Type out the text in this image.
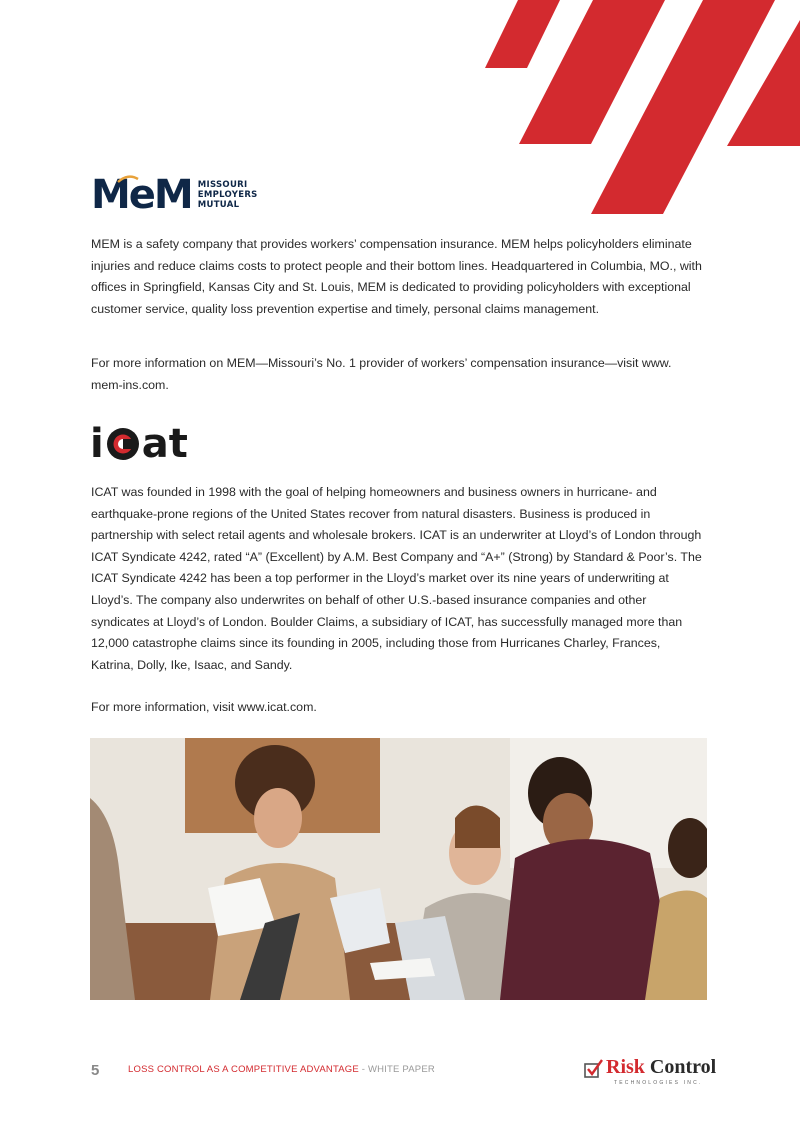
MeM MISSOURI
EMPLOYERS
MUTUAL

MEM is a safety company that provides workers’ compensation insurance. MEM helps policyholders eliminate injuries and reduce claims costs to protect people and their bottom lines. Headquartered in Columbia, MO., with offices in Springfield, Kansas City and St. Louis, MEM is dedicated to providing policyholders with exceptional customer service, quality loss prevention expertise and timely, personal claims management.

For more information on MEM—Missouri’s No. 1 provider of workers’ compensation insurance—visit www. mem-ins.com.

i at

ICAT was founded in 1998 with the goal of helping homeowners and business owners in hurricane- and earthquake-prone regions of the United States recover from natural disasters. Business is produced in partnership with select retail agents and wholesale brokers. ICAT is an underwriter at Lloyd’s of London through ICAT Syndicate 4242, rated “A” (Excellent) by A.M. Best Company and “A+” (Strong) by Standard & Poor’s. The ICAT Syndicate 4242 has been a top performer in the Lloyd’s market over its nine years of underwriting at Lloyd’s. The company also underwrites on behalf of other U.S.-based insurance companies and other syndicates at Lloyd’s of London. Boulder Claims, a subsidiary of ICAT, has successfully managed more than 12,000 catastrophe claims since its founding in 2005, including those from Hurricanes Charley, Frances, Katrina, Dolly, Ike, Isaac, and Sandy.

For more information, visit www.icat.com.

5	LOSS CONTROL AS A COMPETITIVE ADVANTAGE - WHITE PAPER	Risk Control
TECHNOLOGIES INC.
